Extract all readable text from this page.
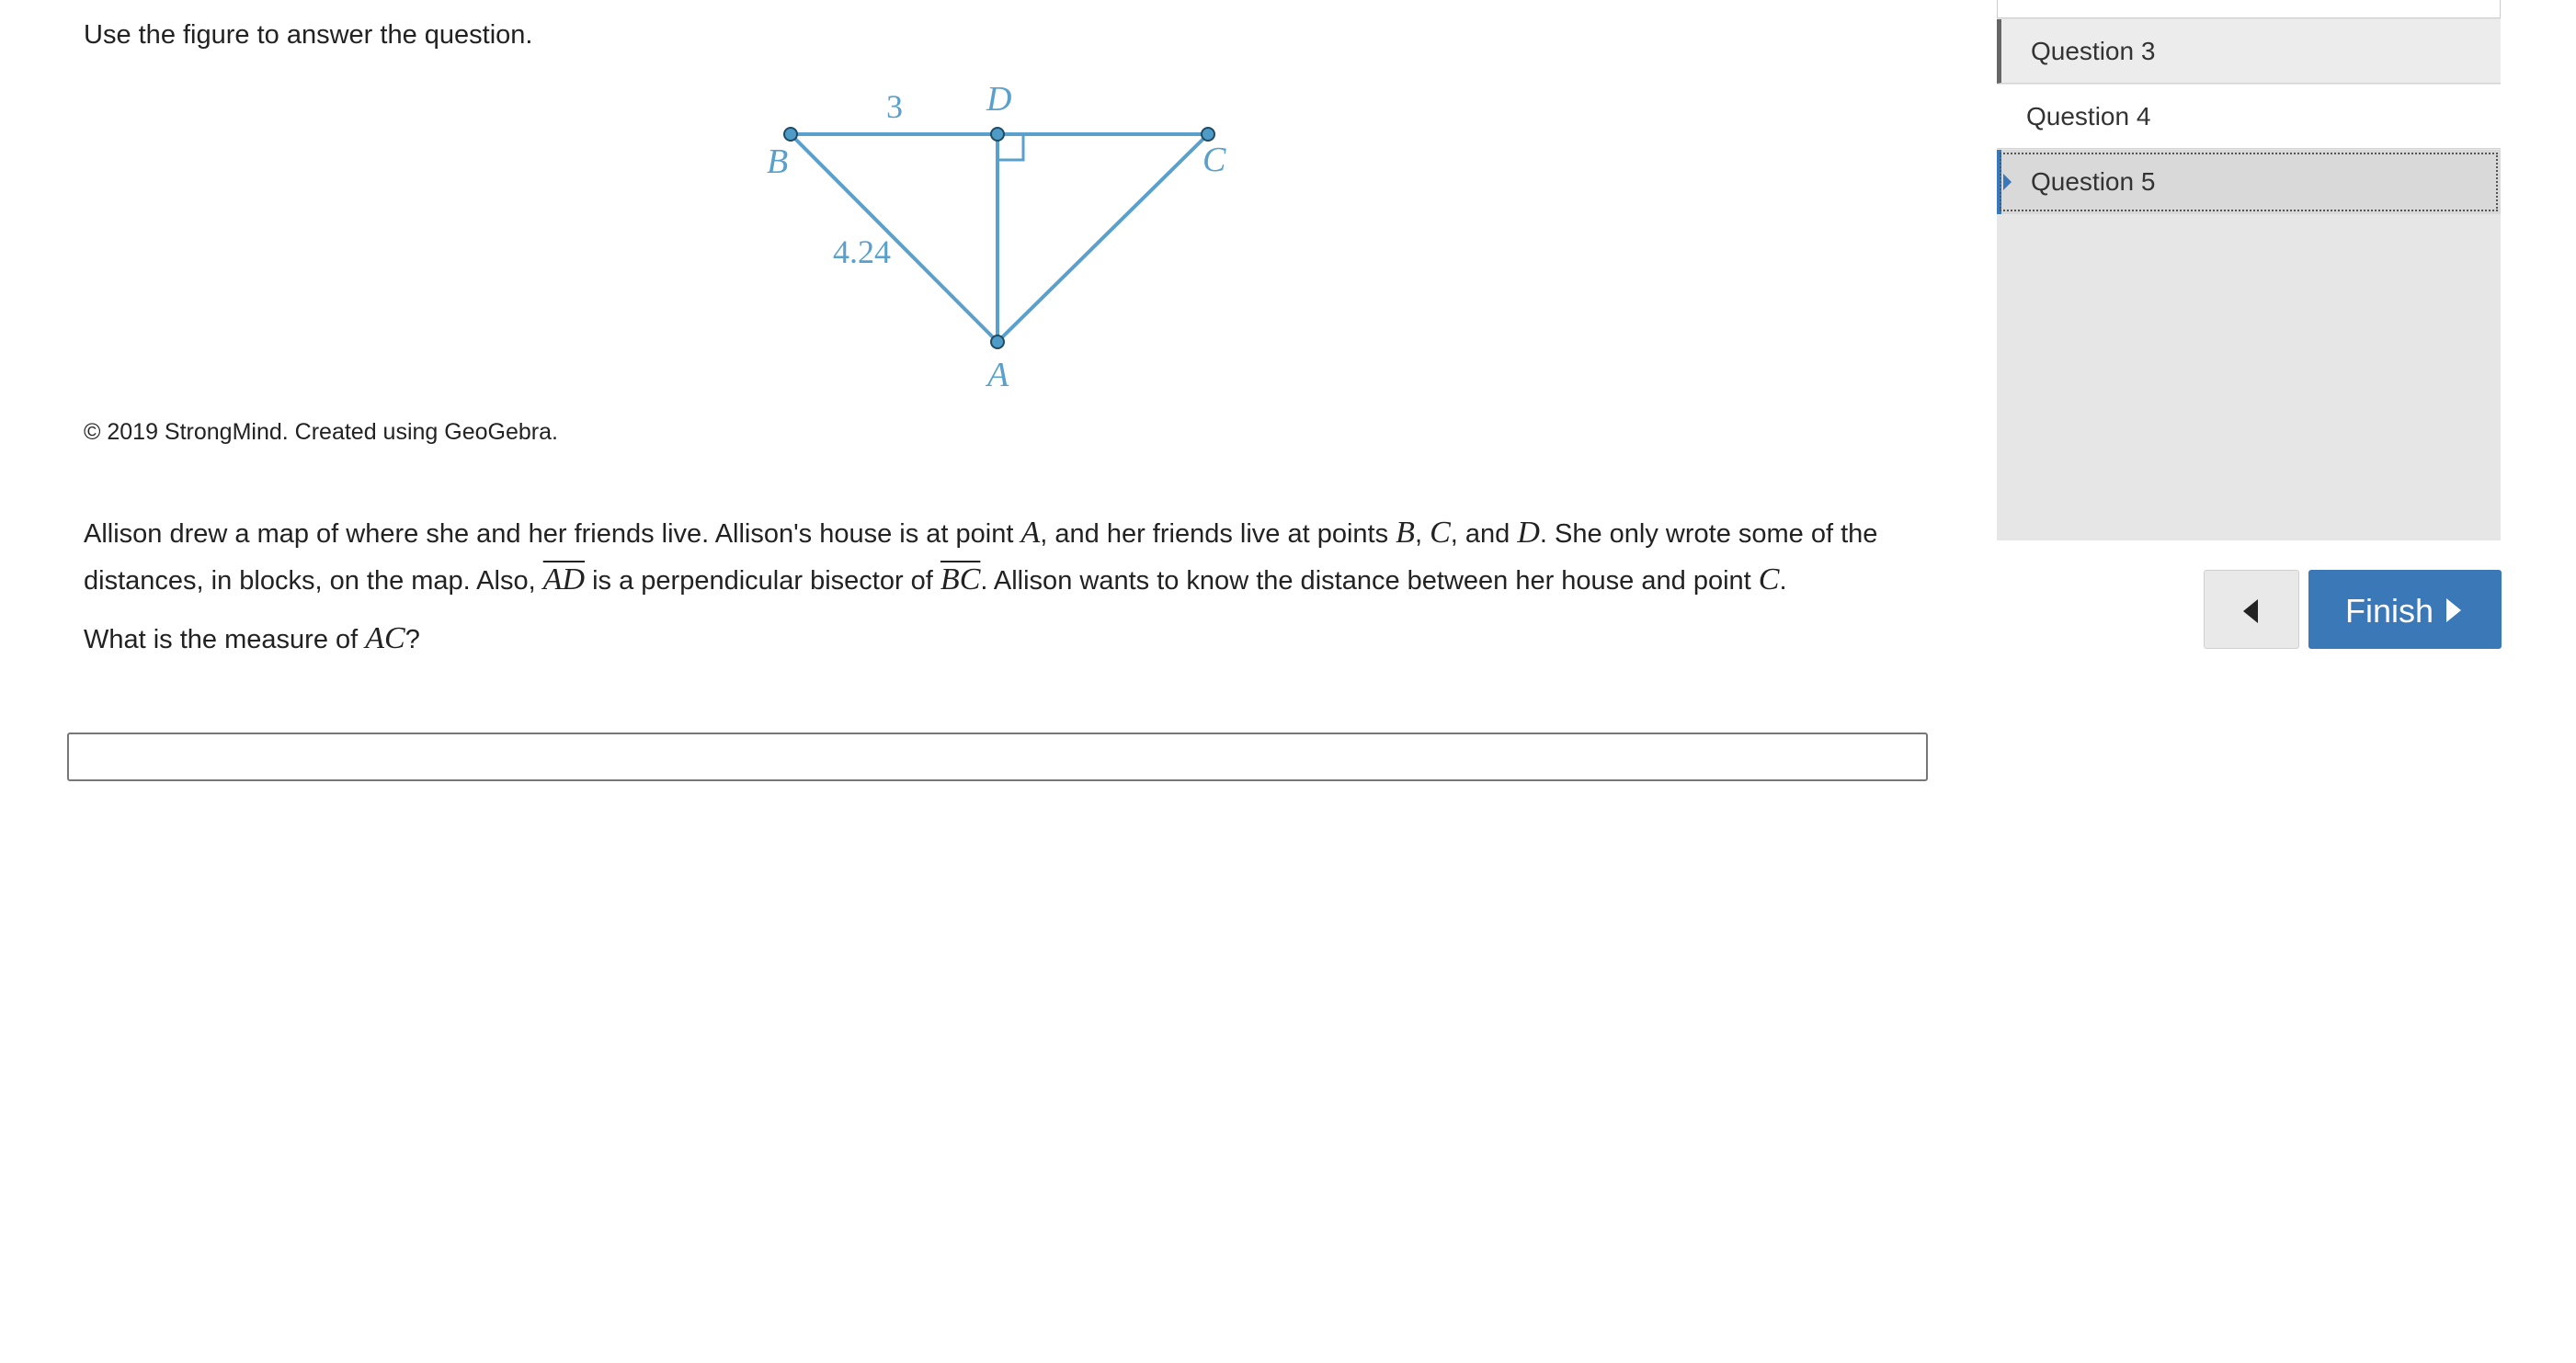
Use the figure to answer the question.
B
D
C
A
3
4.24
© 2019 StrongMind. Created using GeoGebra.
Allison drew a map of where she and her friends live. Allison's house is at point A, and her friends live at points B, C, and D. She only wrote some of the distances, in blocks, on the map. Also, $\overline{AD}$ is a perpendicular bisector of $\overline{BC}$. Allison wants to know the distance between her house and point C.
What is the measure of AC?
Question 3
Question 4
Question 5
Finish
